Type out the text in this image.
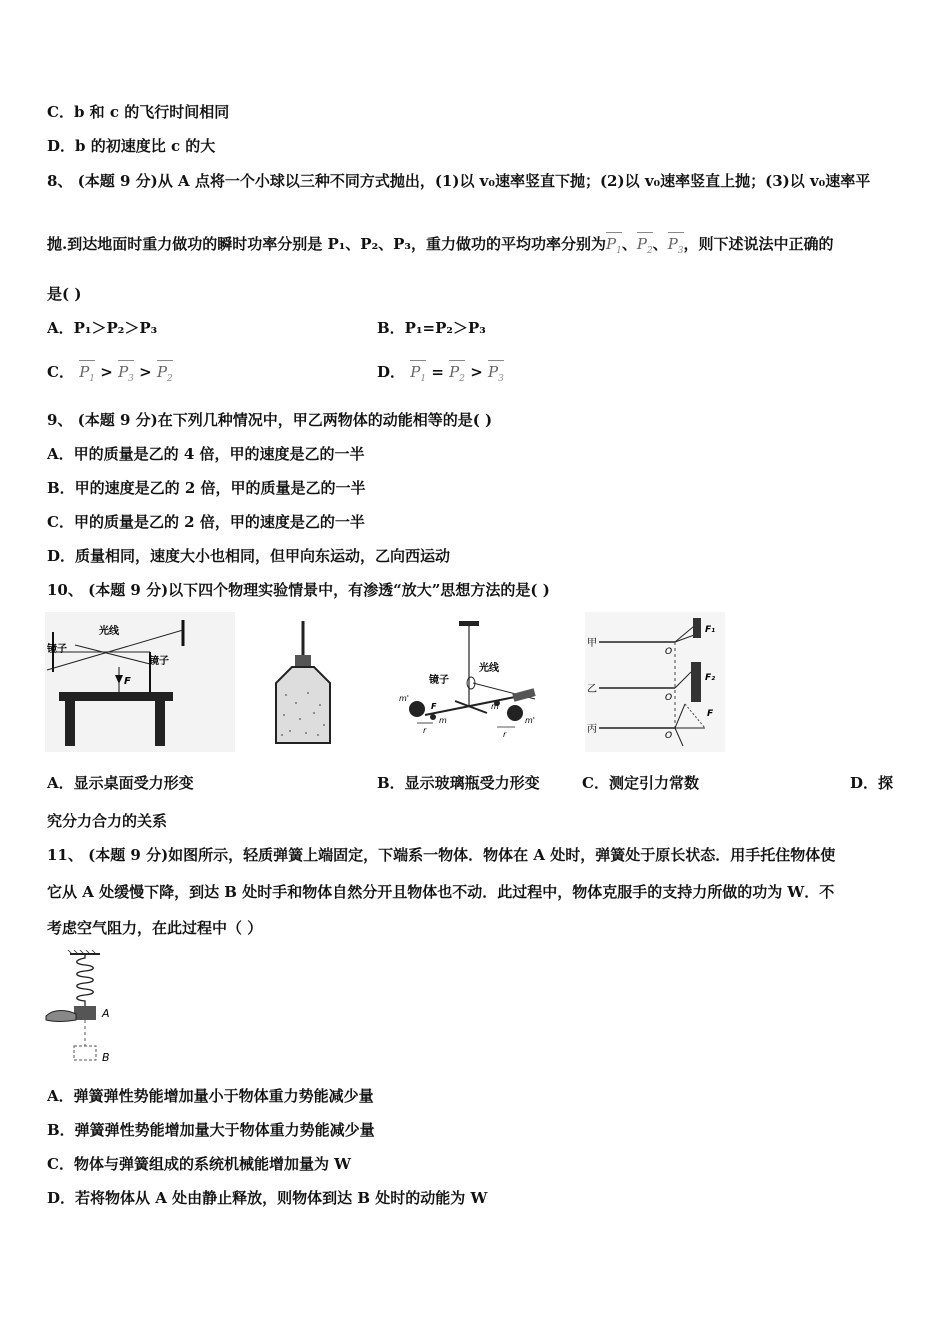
C．b 和 c 的飞行时间相同
D．b 的初速度比 c 的大
8、 (本题 9 分)从 A 点将一个小球以三种不同方式抛出，(1)以 v₀速率竖直下抛；(2)以 v₀速率竖直上抛；(3)以 v₀速率平
抛.到达地面时重力做功的瞬时功率分别是 P₁、P₂、P₃，重力做功的平均功率分别为$P_1$、$P_2$、$P_3$，则下述说法中正确的
是( )
A．P₁＞P₂＞P₃	B．P₁=P₂＞P₃
C． $P_1 > P_3 > P_2$	D． $P_1 = P_2 > P_3$
9、 (本题 9 分)在下列几种情况中，甲乙两物体的动能相等的是( )
A．甲的质量是乙的 4 倍，甲的速度是乙的一半
B．甲的速度是乙的 2 倍，甲的质量是乙的一半
C．甲的质量是乙的 2 倍，甲的速度是乙的一半
D．质量相同，速度大小也相同，但甲向东运动，乙向西运动
10、 (本题 9 分)以下四个物理实验情景中，有渗透“放大”思想方法的是( )
镜子
光线
镜子
F
光线
镜子
m'
m
m
m'
r	r
F
甲
乙
丙
O
O
O
F₁
F₂
F
A．显示桌面受力形变	B．显示玻璃瓶受力形变	C．测定引力常数	D．探
究分力合力的关系
11、 (本题 9 分)如图所示，轻质弹簧上端固定，下端系一物体．物体在 A 处时，弹簧处于原长状态．用手托住物体使
它从 A 处缓慢下降，到达 B 处时手和物体自然分开且物体也不动．此过程中，物体克服手的支持力所做的功为 W．不
考虑空气阻力，在此过程中（ ）
A
B
A．弹簧弹性势能增加量小于物体重力势能减少量
B．弹簧弹性势能增加量大于物体重力势能减少量
C．物体与弹簧组成的系统机械能增加量为 W
D．若将物体从 A 处由静止释放，则物体到达 B 处时的动能为 W
